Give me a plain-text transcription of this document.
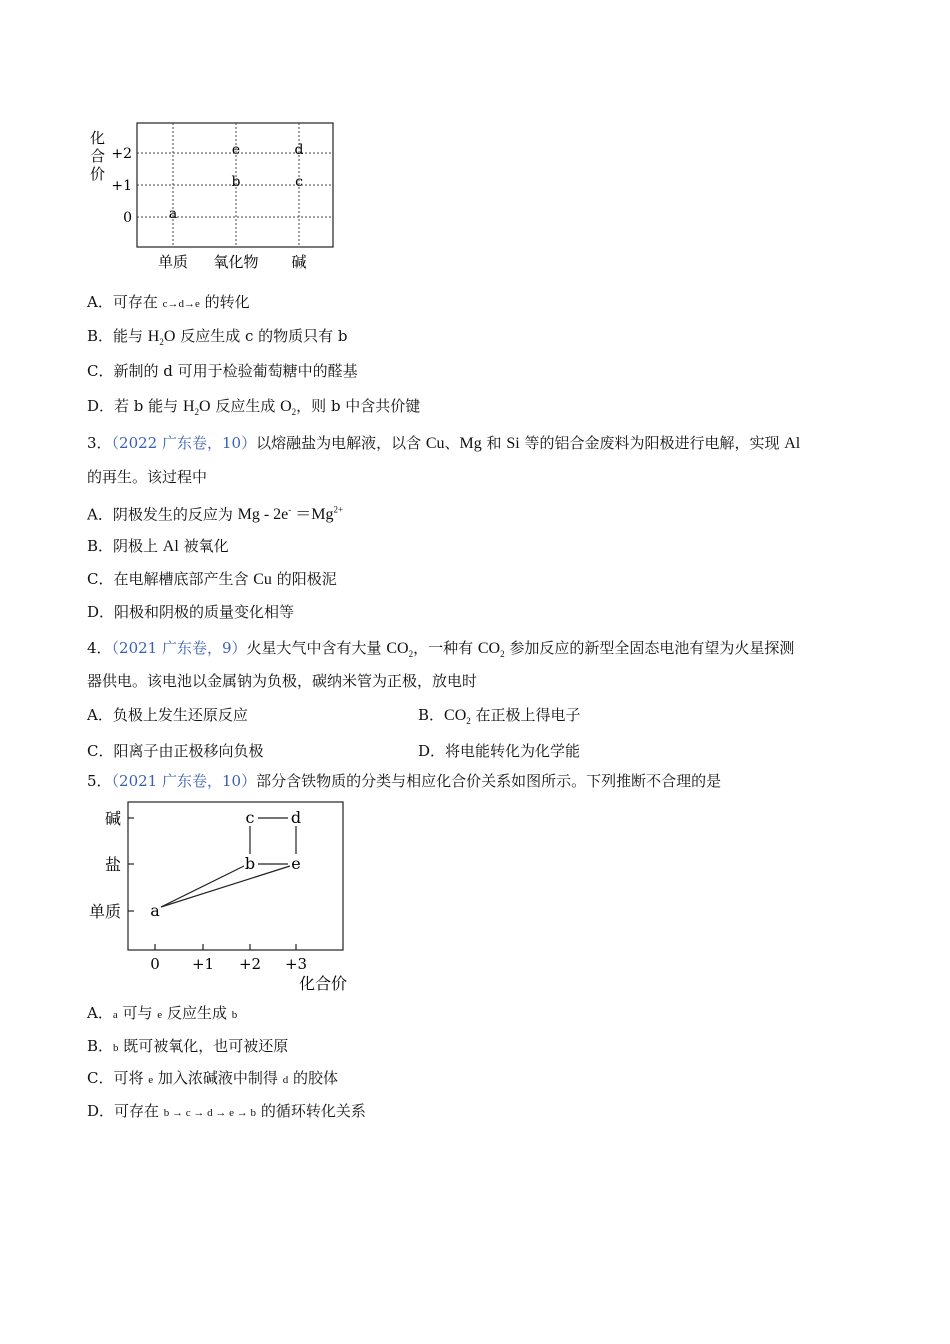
化
合
价
+2
+1
0	a
e
b
d
c
单质 氧化物 碱
A．可存在 c→d→e 的转化
B．能与 $H_2O$ 反应生成 c 的物质只有 b
C．新制的 d 可用于检验葡萄糖中的醛基
D．若 b 能与 $H_2O$ 反应生成 $O_2$，则 b 中含共价键
3．（2022 广东卷，10）以熔融盐为电解液，以含 Cu、Mg 和 Si 等的铝合金废料为阳极进行电解，实现 Al
的再生。该过程中
A．阴极发生的反应为 $Mg - 2e^- =Mg^{2+}$
B．阴极上 Al 被氧化
C．在电解槽底部产生含 Cu 的阳极泥
D．阳极和阴极的质量变化相等
4．（2021 广东卷，9）火星大气中含有大量 $CO_2$，一种有 $CO_2$ 参加反应的新型全固态电池有望为火星探测
器供电。该电池以金属钠为负极，碳纳米管为正极，放电时
A．负极上发生还原反应	B．$CO_2$ 在正极上得电子
C．阳离子由正极移向负极	D．将电能转化为化学能
5．（2021 广东卷，10）部分含铁物质的分类与相应化合价关系如图所示。下列推断不合理的是
单质
盐
碱
0 +1 +2 +3
a
b e
c d
化合价
A．a 可与 e 反应生成 b
B．b 既可被氧化，也可被还原
C．可将 e 加入浓碱液中制得 d 的胶体
D．可存在 b → c → d → e → b 的循环转化关系
